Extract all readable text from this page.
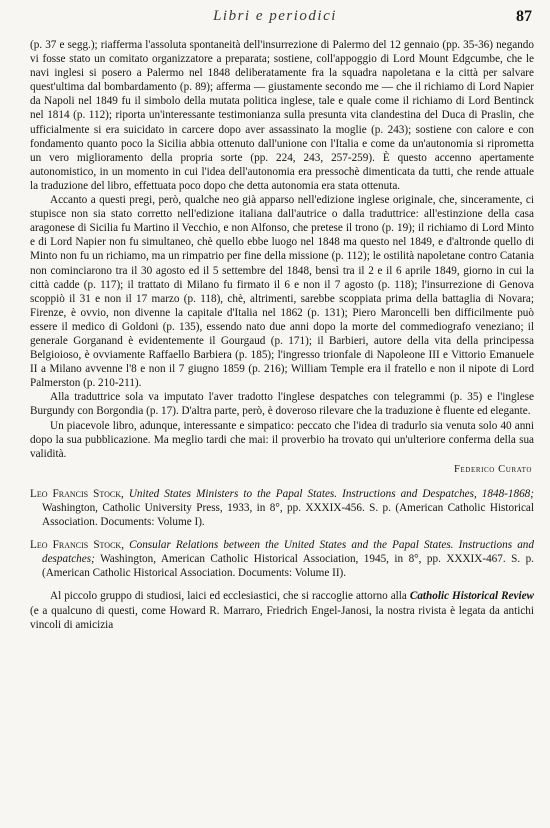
Libri e periodici	87

(p. 37 e segg.); riafferma l'assoluta spontaneità dell'insurrezione di Palermo del 12 gennaio (pp. 35-36) negando vi fosse stato un comitato organizzatore a preparata; sostiene, coll'appoggio di Lord Mount Edgcumbe, che le navi inglesi si posero a Palermo nel 1848 deliberatamente fra la squadra napoletana e la città per salvare quest'ultima dal bombardamento (p. 89); afferma — giustamente secondo me — che il richiamo di Lord Napier da Napoli nel 1849 fu il simbolo della mutata politica inglese, tale e quale come il richiamo di Lord Bentinck nel 1814 (p. 112); riporta un'interessante testimonianza sulla presunta vita clandestina del Duca di Praslin, che ufficialmente si era suicidato in carcere dopo aver assassinato la moglie (p. 243); sostiene con calore e con fondamento quanto poco la Sicilia abbia ottenuto dall'unione con l'Italia e come da un'autonomia si riprometta un vero miglioramento della propria sorte (pp. 224, 243, 257-259). È questo accenno apertamente autonomistico, in un momento in cui l'idea dell'autonomia era pressochè dimenticata da tutti, che rende attuale la traduzione del libro, effettuata poco dopo che detta autonomia era stata ottenuta.

Accanto a questi pregi, però, qualche neo già apparso nell'edizione inglese originale, che, sinceramente, ci stupisce non sia stato corretto nell'edizione italiana dall'autrice o dalla traduttrice: all'estinzione della casa aragonese di Sicilia fu Martino il Vecchio, e non Alfonso, che pretese il trono (p. 19); il richiamo di Lord Minto e di Lord Napier non fu simultaneo, chè quello ebbe luogo nel 1848 ma questo nel 1849, e d'altronde quello di Minto non fu un richiamo, ma un rimpatrio per fine della missione (p. 112); le ostilità napoletane contro Catania non cominciarono tra il 30 agosto ed il 5 settembre del 1848, bensì tra il 2 e il 6 aprile 1849, giorno in cui la città cadde (p. 117); il trattato di Milano fu firmato il 6 e non il 7 agosto (p. 118); l'insurrezione di Genova scoppiò il 31 e non il 17 marzo (p. 118), chè, altrimenti, sarebbe scoppiata prima della battaglia di Novara; Firenze, è ovvio, non divenne la capitale d'Italia nel 1862 (p. 131); Piero Maroncelli ben difficilmente può essere il medico di Goldoni (p. 135), essendo nato due anni dopo la morte del commediografo veneziano; il generale Gorganand è evidentemente il Gourgaud (p. 171); il Barbieri, autore della vita della principessa Belgioioso, è ovviamente Raffaello Barbiera (p. 185); l'ingresso trionfale di Napoleone III e Vittorio Emanuele II a Milano avvenne l'8 e non il 7 giugno 1859 (p. 216); William Temple era il fratello e non il nipote di Lord Palmerston (p. 210-211).

Alla traduttrice sola va imputato l'aver tradotto l'inglese despatches con telegrammi (p. 35) e l'inglese Burgundy con Borgondia (p. 17). D'altra parte, però, è doveroso rilevare che la traduzione è fluente ed elegante.

Un piacevole libro, adunque, interessante e simpatico: peccato che l'idea di tradurlo sia venuta solo 40 anni dopo la sua pubblicazione. Ma meglio tardi che mai: il proverbio ha trovato qui un'ulteriore conferma della sua validità.

Federico Curato
Leo Francis Stock, United States Ministers to the Papal States. Instructions and Despatches, 1848-1868; Washington, Catholic University Press, 1933, in 8°, pp. XXXIX-456. S. p. (American Catholic Historical Association. Documents: Volume I).
Leo Francis Stock, Consular Relations between the United States and the Papal States. Instructions and despatches; Washington, American Catholic Historical Association, 1945, in 8°, pp. XXXIX-467. S. p. (American Catholic Historical Association. Documents: Volume II).

Al piccolo gruppo di studiosi, laici ed ecclesiastici, che si raccoglie attorno alla Catholic Historical Review (e a qualcuno di questi, come Howard R. Marraro, Friedrich Engel-Janosi, la nostra rivista è legata da antichi vincoli di amicizia
